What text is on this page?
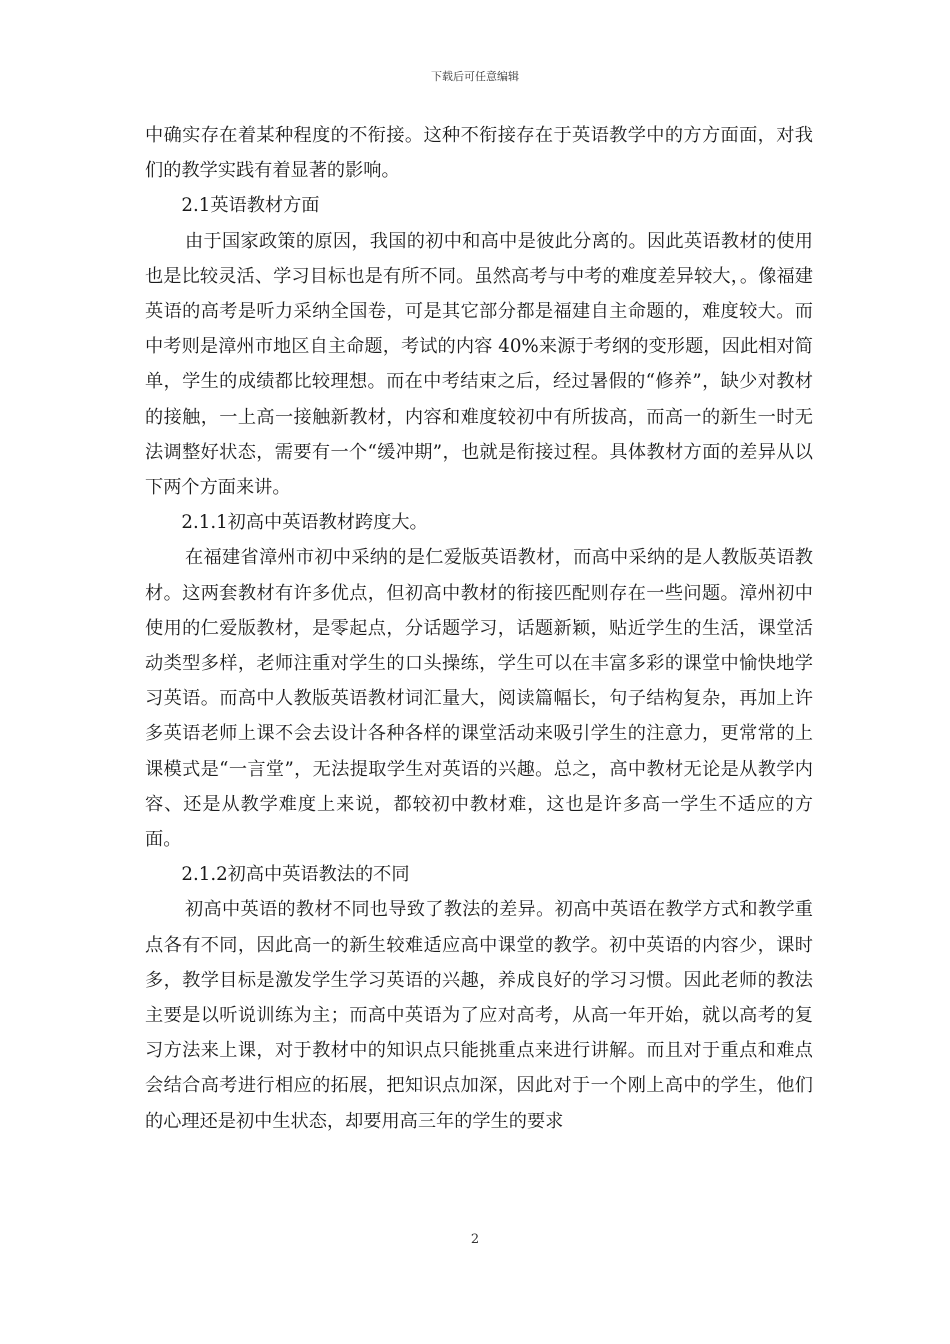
下载后可任意编辑

中确实存在着某种程度的不衔接。这种不衔接存在于英语教学中的方方面面，对我们的教学实践有着显著的影响。

2.1英语教材方面

由于国家政策的原因，我国的初中和高中是彼此分离的。因此英语教材的使用也是比较灵活、学习目标也是有所不同。虽然高考与中考的难度差异较大，。像福建英语的高考是听力采纳全国卷，可是其它部分都是福建自主命题的，难度较大。而中考则是漳州市地区自主命题，考试的内容 40%来源于考纲的变形题，因此相对简单，学生的成绩都比较理想。而在中考结束之后，经过暑假的“修养”，缺少对教材的接触，一上高一接触新教材，内容和难度较初中有所拔高，而高一的新生一时无法调整好状态，需要有一个“缓冲期”，也就是衔接过程。具体教材方面的差异从以下两个方面来讲。

2.1.1初高中英语教材跨度大。

在福建省漳州市初中采纳的是仁爱版英语教材，而高中采纳的是人教版英语教材。这两套教材有许多优点，但初高中教材的衔接匹配则存在一些问题。漳州初中使用的仁爱版教材，是零起点，分话题学习，话题新颖，贴近学生的生活，课堂活动类型多样，老师注重对学生的口头操练，学生可以在丰富多彩的课堂中愉快地学习英语。而高中人教版英语教材词汇量大，阅读篇幅长，句子结构复杂，再加上许多英语老师上课不会去设计各种各样的课堂活动来吸引学生的注意力，更常常的上课模式是“一言堂”，无法提取学生对英语的兴趣。总之，高中教材无论是从教学内容、还是从教学难度上来说，都较初中教材难，这也是许多高一学生不适应的方面。

2.1.2初高中英语教法的不同

初高中英语的教材不同也导致了教法的差异。初高中英语在教学方式和教学重点各有不同，因此高一的新生较难适应高中课堂的教学。初中英语的内容少，课时多，教学目标是激发学生学习英语的兴趣，养成良好的学习习惯。因此老师的教法主要是以听说训练为主；而高中英语为了应对高考，从高一年开始，就以高考的复习方法来上课，对于教材中的知识点只能挑重点来进行讲解。而且对于重点和难点会结合高考进行相应的拓展，把知识点加深，因此对于一个刚上高中的学生，他们的心理还是初中生状态，却要用高三年的学生的要求

2
